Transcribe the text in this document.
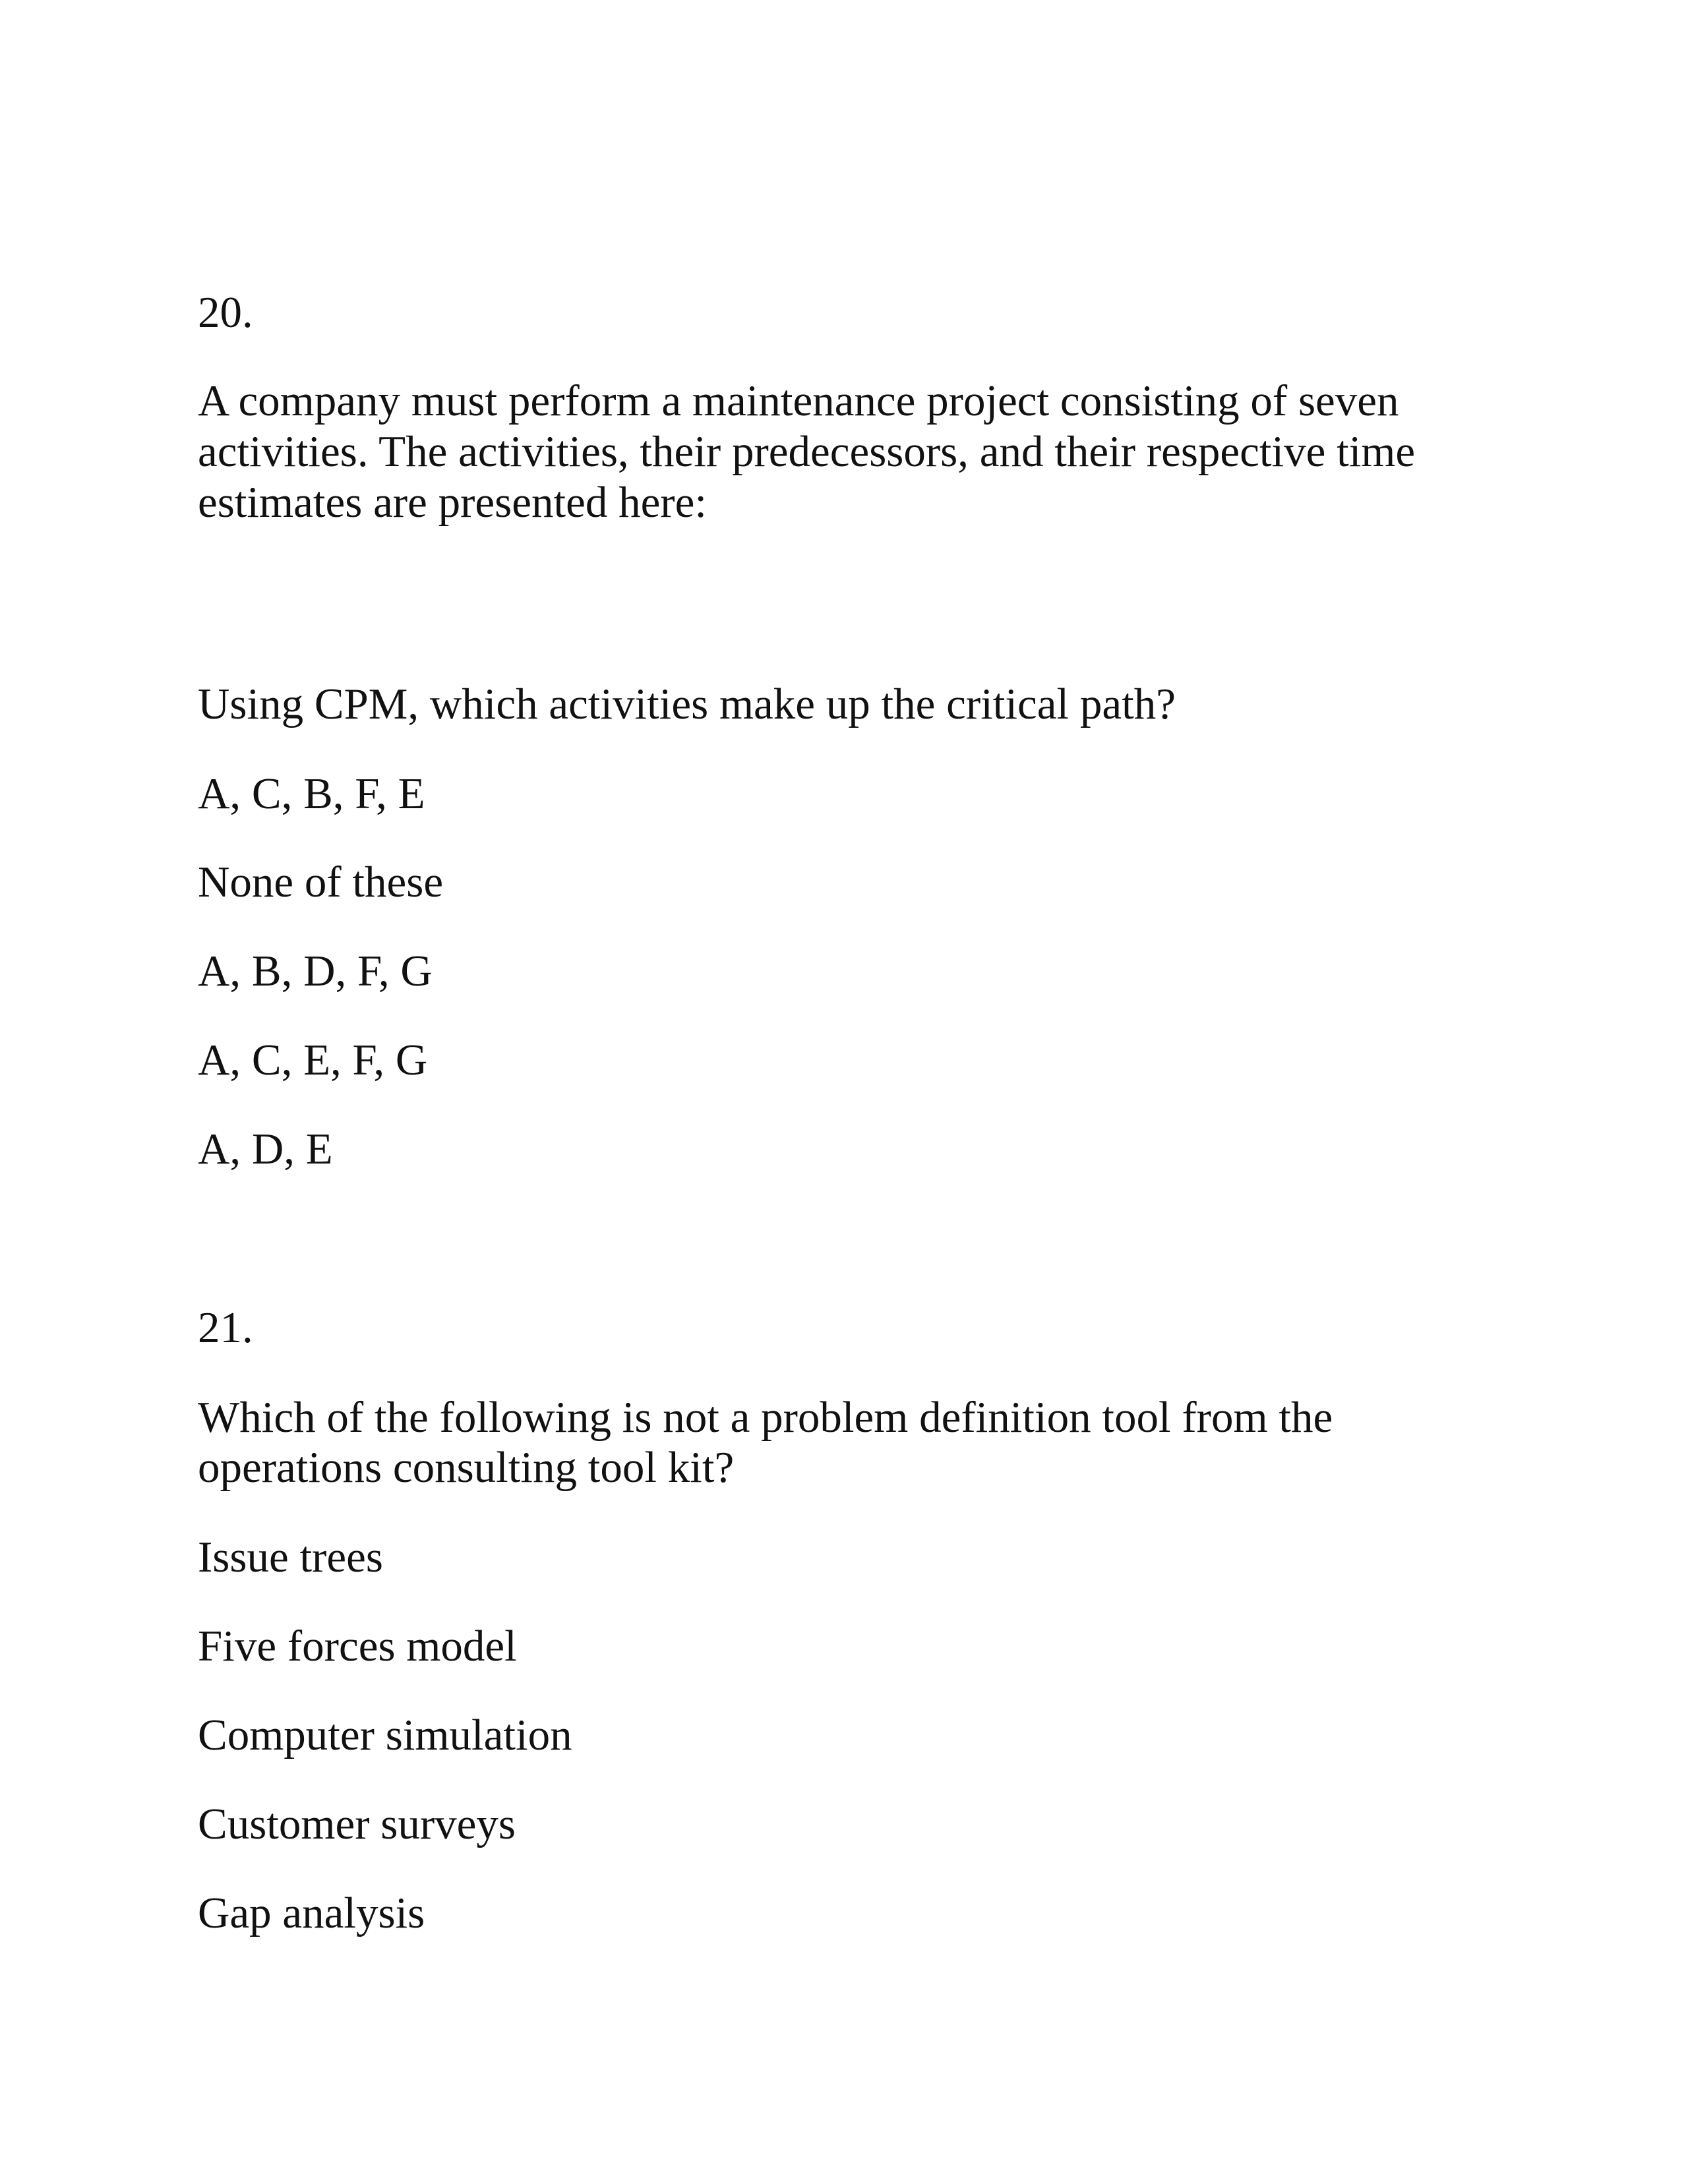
20.

A company must perform a maintenance project consisting of seven

activities. The activities, their predecessors, and their respective time

estimates are presented here:

Using CPM, which activities make up the critical path?

A, C, B, F, E

None of these

A, B, D, F, G

A, C, E, F, G

A, D, E

21.

Which of the following is not a problem definition tool from the

operations consulting tool kit?

Issue trees

Five forces model

Computer simulation

Customer surveys

Gap analysis
